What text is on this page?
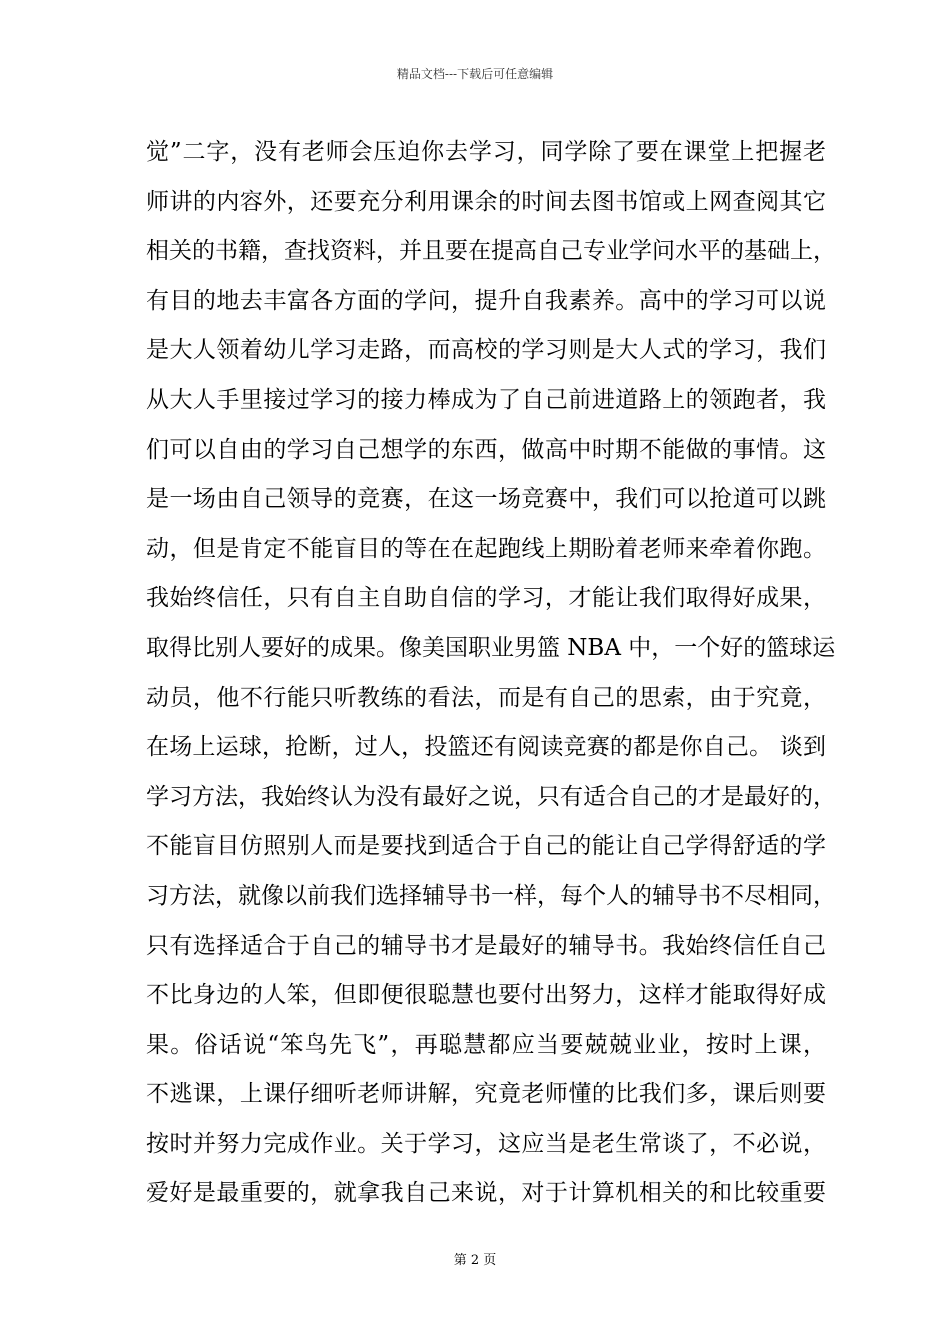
精品文档---下载后可任意编辑
觉”二字，没有老师会压迫你去学习，同学除了要在课堂上把握老
师讲的内容外，还要充分利用课余的时间去图书馆或上网查阅其它
相关的书籍，查找资料，并且要在提高自己专业学问水平的基础上，
有目的地去丰富各方面的学问，提升自我素养。高中的学习可以说
是大人领着幼儿学习走路，而高校的学习则是大人式的学习，我们
从大人手里接过学习的接力棒成为了自己前进道路上的领跑者，我
们可以自由的学习自己想学的东西，做高中时期不能做的事情。这
是一场由自己领导的竞赛，在这一场竞赛中，我们可以抢道可以跳
动，但是肯定不能盲目的等在在起跑线上期盼着老师来牵着你跑。
我始终信任，只有自主自助自信的学习，才能让我们取得好成果，
取得比别人要好的成果。像美国职业男篮 NBA 中，一个好的篮球运
动员，他不行能只听教练的看法，而是有自己的思索，由于究竟，
在场上运球，抢断，过人，投篮还有阅读竞赛的都是你自己。 谈到
学习方法，我始终认为没有最好之说，只有适合自己的才是最好的，
不能盲目仿照别人而是要找到适合于自己的能让自己学得舒适的学
习方法，就像以前我们选择辅导书一样，每个人的辅导书不尽相同，
只有选择适合于自己的辅导书才是最好的辅导书。我始终信任自己
不比身边的人笨，但即便很聪慧也要付出努力，这样才能取得好成
果。俗话说“笨鸟先飞”，再聪慧都应当要兢兢业业，按时上课，
不逃课，上课仔细听老师讲解，究竟老师懂的比我们多，课后则要
按时并努力完成作业。关于学习，这应当是老生常谈了，不必说，
爱好是最重要的，就拿我自己来说，对于计算机相关的和比较重要
第 2 页
